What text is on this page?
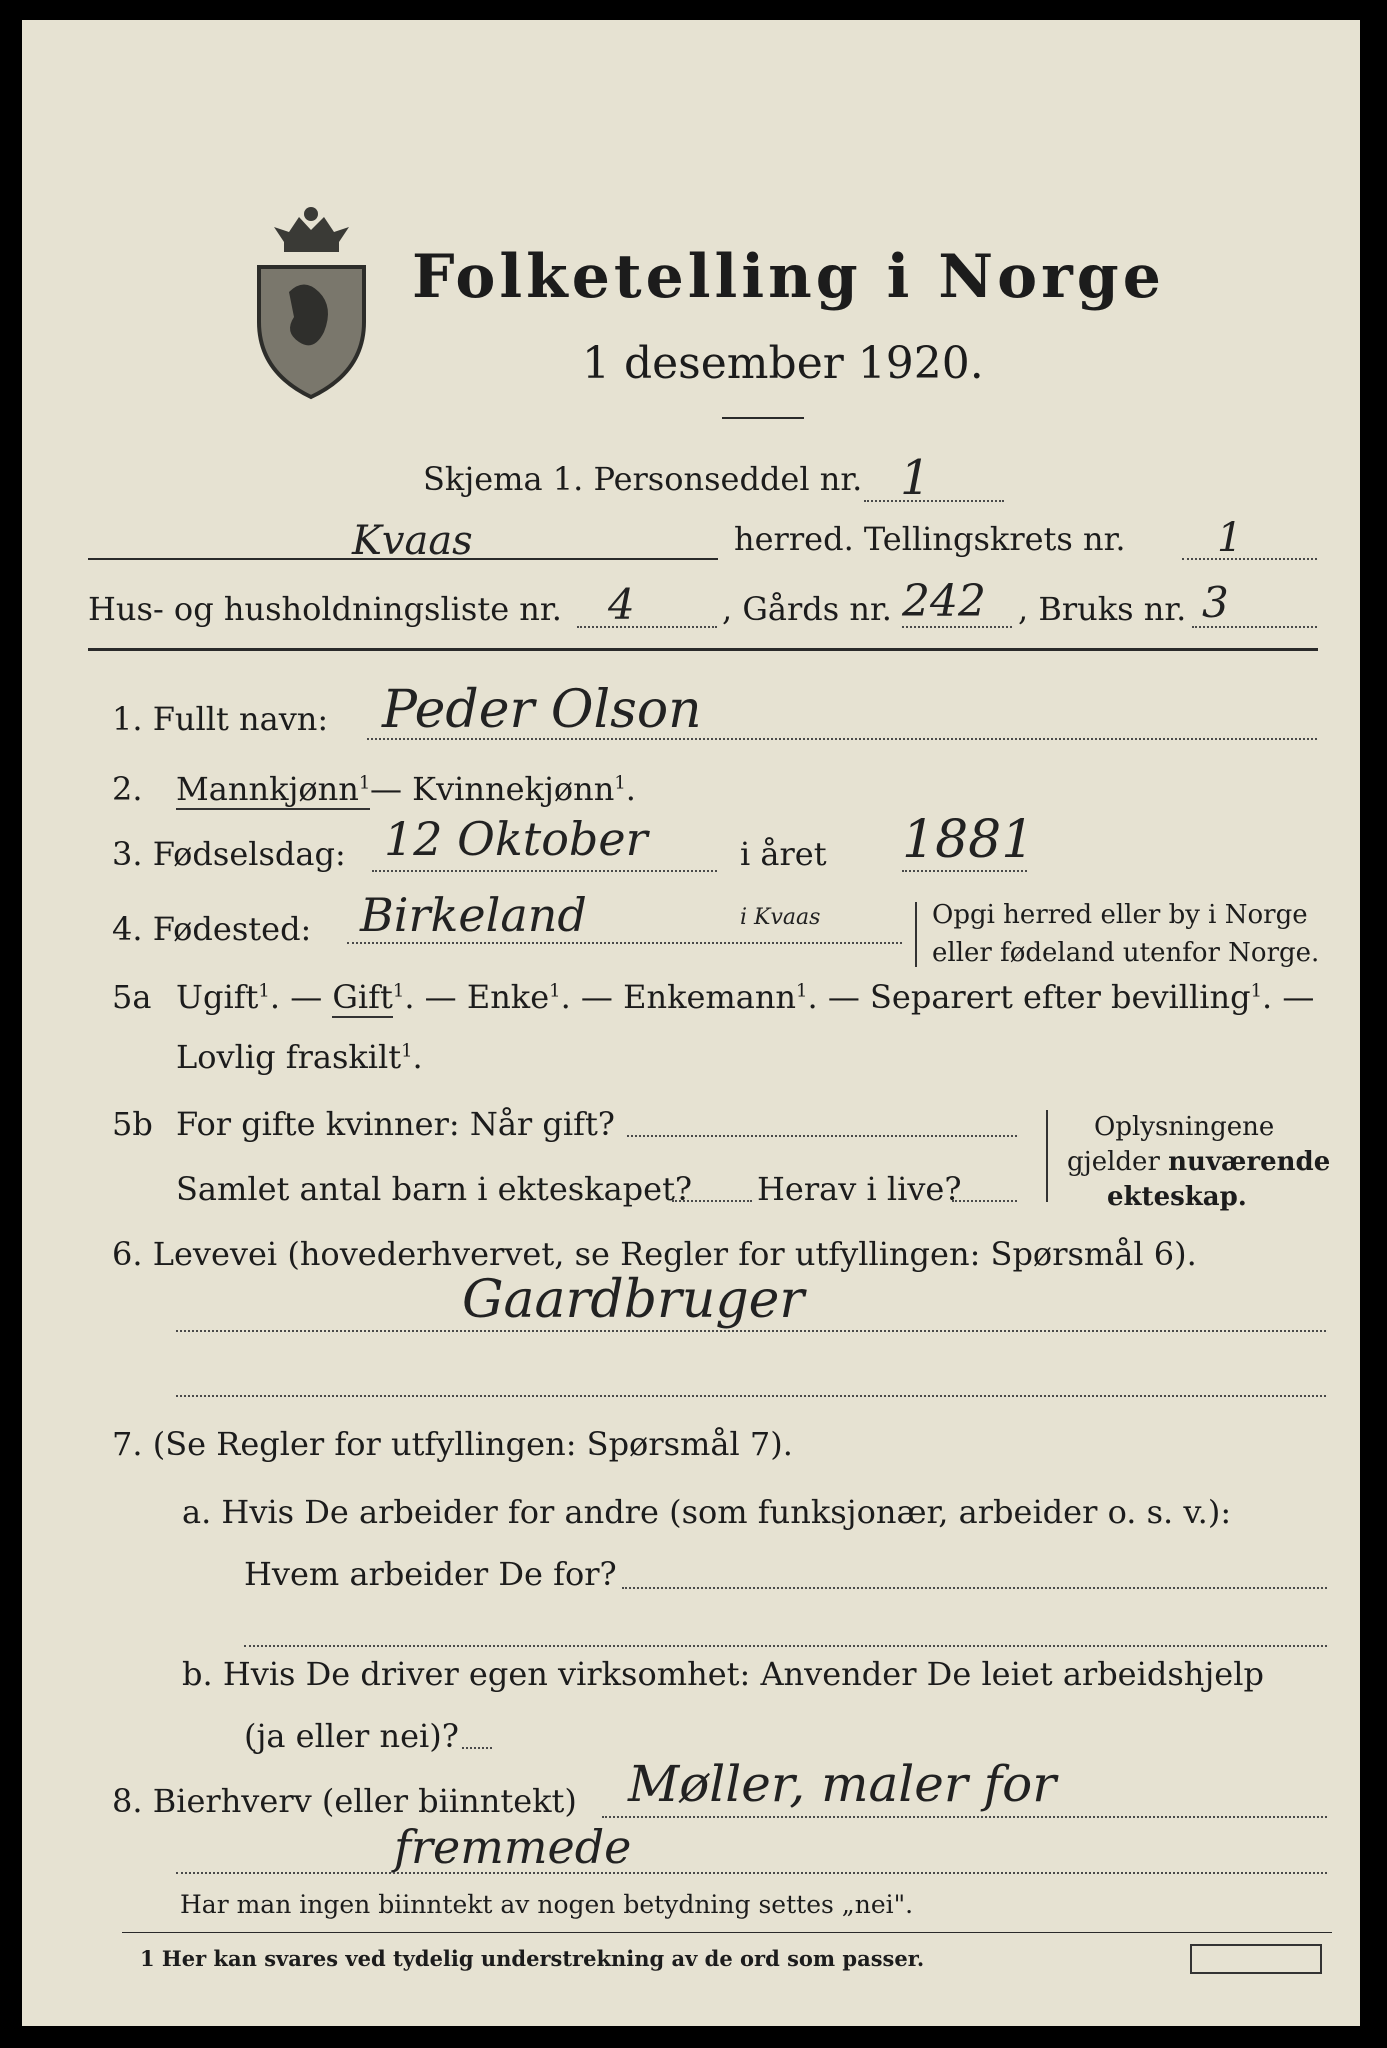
Folketelling i Norge
1 desember 1920.
Skjema 1. Personseddel nr. 1
Kvaas	herred. Tellingskrets nr. 1
Hus- og husholdningsliste nr. 4	, Gårds nr. 242 , Bruks nr. 3
1. Fullt navn: Peder Olson
2. Mannkjønn$^1$ — Kvinnekjønn$^1$.
3. Fødselsdag: 12 Oktober	i året 1881
4. Fødested: Birkeland	i Kvaas	Opgi herred eller by i Norge
eller fødeland utenfor Norge.
5a Ugift$^1$. — Gift$^1$. — Enke$^1$. — Enkemann$^1$. — Separert efter bevilling$^1$. —
Lovlig fraskilt$^1$.
5b For gifte kvinner: Når gift?
Samlet antal barn i ekteskapet? Herav i live?
Oplysningene
gjelder nuværende
ekteskap.
6. Levevei (hovederhvervet, se Regler for utfyllingen: Spørsmål 6).
Gaardbruger
7. (Se Regler for utfyllingen: Spørsmål 7).
a. Hvis De arbeider for andre (som funksjonær, arbeider o. s. v.):
Hvem arbeider De for?
b. Hvis De driver egen virksomhet: Anvender De leiet arbeidshjelp
(ja eller nei)?
8. Bierhverv (eller biinntekt) Møller, maler for
fremmede
Har man ingen biinntekt av nogen betydning settes „nei".
1 Her kan svares ved tydelig understrekning av de ord som passer.
